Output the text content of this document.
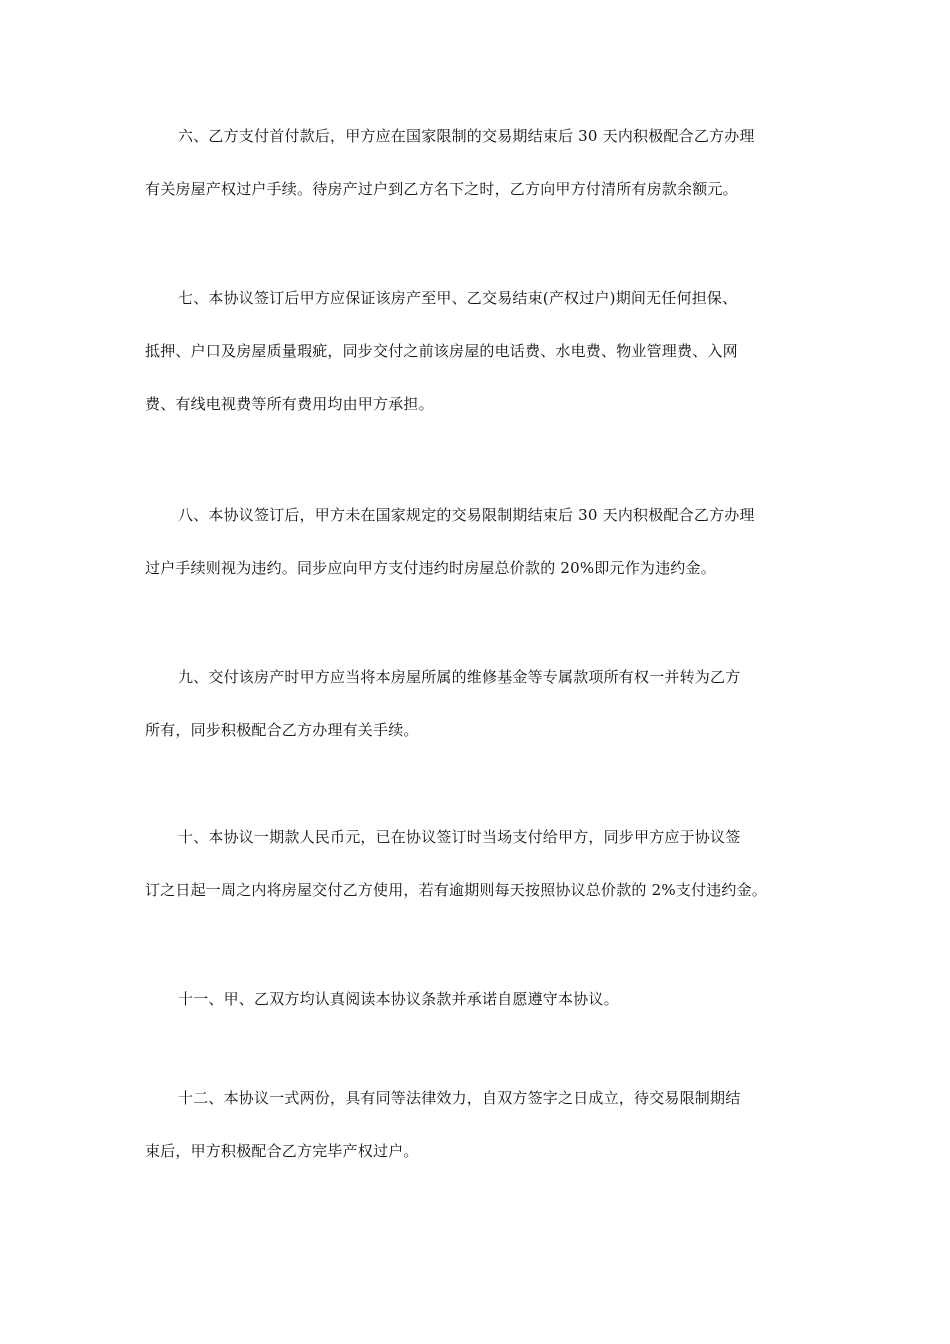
六、乙方支付首付款后，甲方应在国家限制的交易期结束后 30 天内积极配合乙方办理
有关房屋产权过户手续。待房产过户到乙方名下之时，乙方向甲方付清所有房款余额元。
七、本协议签订后甲方应保证该房产至甲、乙交易结束(产权过户)期间无任何担保、
抵押、户口及房屋质量瑕疵，同步交付之前该房屋的电话费、水电费、物业管理费、入网
费、有线电视费等所有费用均由甲方承担。
八、本协议签订后，甲方未在国家规定的交易限制期结束后 30 天内积极配合乙方办理
过户手续则视为违约。同步应向甲方支付违约时房屋总价款的 20%即元作为违约金。
九、交付该房产时甲方应当将本房屋所属的维修基金等专属款项所有权一并转为乙方
所有，同步积极配合乙方办理有关手续。
十、本协议一期款人民币元，已在协议签订时当场支付给甲方，同步甲方应于协议签
订之日起一周之内将房屋交付乙方使用，若有逾期则每天按照协议总价款的 2%支付违约金。
十一、甲、乙双方均认真阅读本协议条款并承诺自愿遵守本协议。
十二、本协议一式两份，具有同等法律效力，自双方签字之日成立，待交易限制期结
束后，甲方积极配合乙方完毕产权过户。
